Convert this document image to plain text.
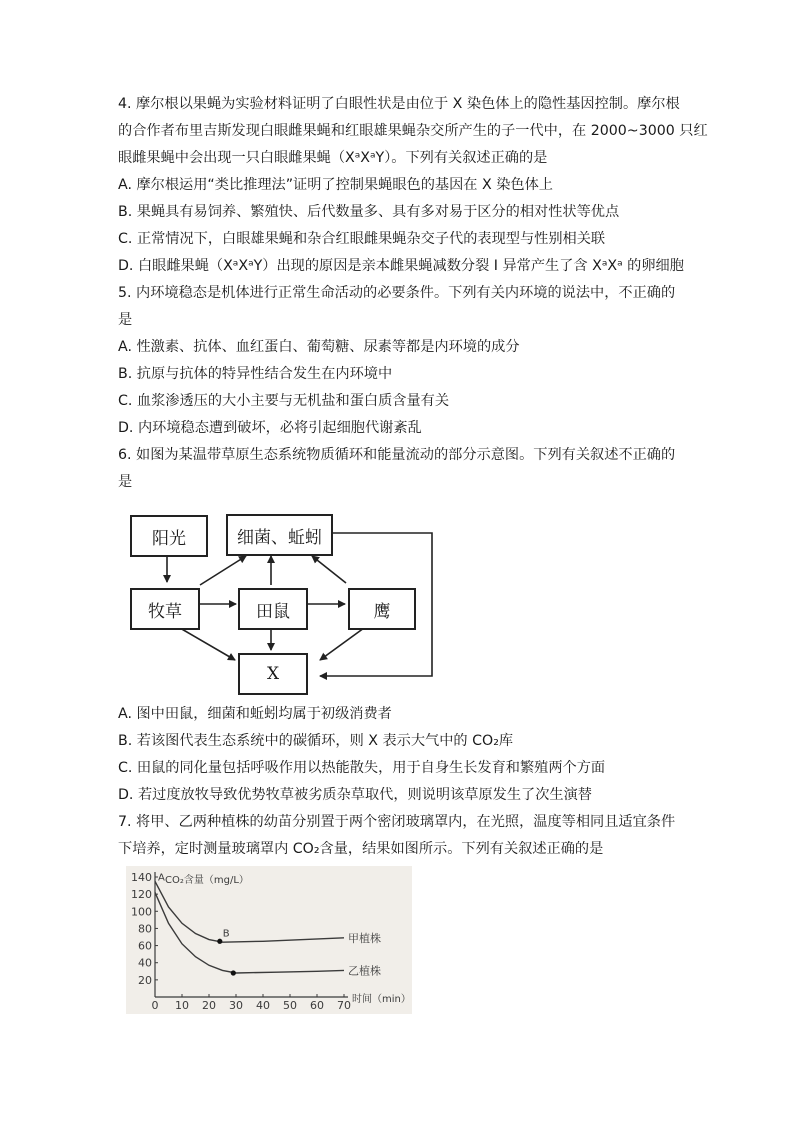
4. 摩尔根以果蝇为实验材料证明了白眼性状是由位于 X 染色体上的隐性基因控制。摩尔根
的合作者布里吉斯发现白眼雌果蝇和红眼雄果蝇杂交所产生的子一代中，在 2000~3000 只红
眼雌果蝇中会出现一只白眼雌果蝇（XᵃXᵃY）。下列有关叙述正确的是
A. 摩尔根运用“类比推理法”证明了控制果蝇眼色的基因在 X 染色体上
B. 果蝇具有易饲养、繁殖快、后代数量多、具有多对易于区分的相对性状等优点
C. 正常情况下，白眼雄果蝇和杂合红眼雌果蝇杂交子代的表现型与性别相关联
D. 白眼雌果蝇（XᵃXᵃY）出现的原因是亲本雌果蝇减数分裂 Ⅰ 异常产生了含 XᵃXᵃ 的卵细胞
5. 内环境稳态是机体进行正常生命活动的必要条件。下列有关内环境的说法中，不正确的
是
A. 性激素、抗体、血红蛋白、葡萄糖、尿素等都是内环境的成分
B. 抗原与抗体的特异性结合发生在内环境中
C. 血浆渗透压的大小主要与无机盐和蛋白质含量有关
D. 内环境稳态遭到破坏，必将引起细胞代谢紊乱
6. 如图为某温带草原生态系统物质循环和能量流动的部分示意图。下列有关叙述不正确的
是
阳光	细菌、蚯蚓
牧草	田鼠	鹰
X
A. 图中田鼠，细菌和蚯蚓均属于初级消费者
B. 若该图代表生态系统中的碳循环，则 X 表示大气中的 CO₂库
C. 田鼠的同化量包括呼吸作用以热能散失，用于自身生长发育和繁殖两个方面
D. 若过度放牧导致优势牧草被劣质杂草取代，则说明该草原发生了次生演替
7. 将甲、乙两种植株的幼苗分别置于两个密闭玻璃罩内，在光照，温度等相同且适宜条件
下培养，定时测量玻璃罩内 CO₂含量，结果如图所示。下列有关叙述正确的是
0 10 20 30 40 50 60 70
20
40
60
80
100
120
140 CO₂含量（mg/L）
时间（min）
甲植株
乙植株
A
B
